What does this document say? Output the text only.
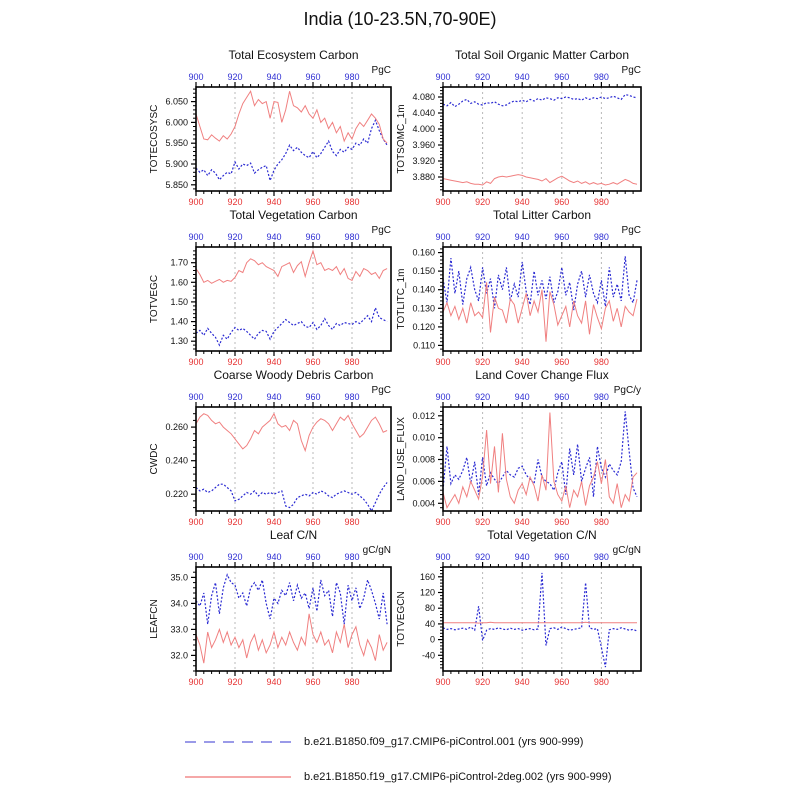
India (10-23.5N,70-90E)
900
900
920
920
940
940
960
960
980
980
5.850
5.900
5.950
6.000
6.050
Total Ecosystem Carbon
PgC
TOTECOSYSC
900
900
920
920
940
940
960
960
980
980
3.880
3.920
3.960
4.000
4.040
4.080
Total Soil Organic Matter Carbon
PgC
TOTSOMC_1m
900
900
920
920
940
940
960
960
980
980
1.30
1.40
1.50
1.60
1.70
Total Vegetation Carbon
PgC
TOTVEGC
900
900
920
920
940
940
960
960
980
980
0.110
0.120
0.130
0.140
0.150
0.160
Total Litter Carbon
PgC
TOTLITC_1m
900
900
920
920
940
940
960
960
980
980
0.220
0.240
0.260
Coarse Woody Debris Carbon
PgC
CWDC
900
900
920
920
940
940
960
960
980
980
0.004
0.006
0.008
0.010
0.012
Land Cover Change Flux
PgC/y
LAND_USE_FLUX
900
900
920
920
940
940
960
960
980
980
32.0
33.0
34.0
35.0
Leaf C/N
gC/gN
LEAFCN
900
900
920
920
940
940
960
960
980
980
-40
0
40
80
120
160
Total Vegetation C/N
gC/gN
TOTVEGCN
b.e21.B1850.f09_g17.CMIP6-piControl.001 (yrs 900-999)
b.e21.B1850.f19_g17.CMIP6-piControl-2deg.002 (yrs 900-999)
